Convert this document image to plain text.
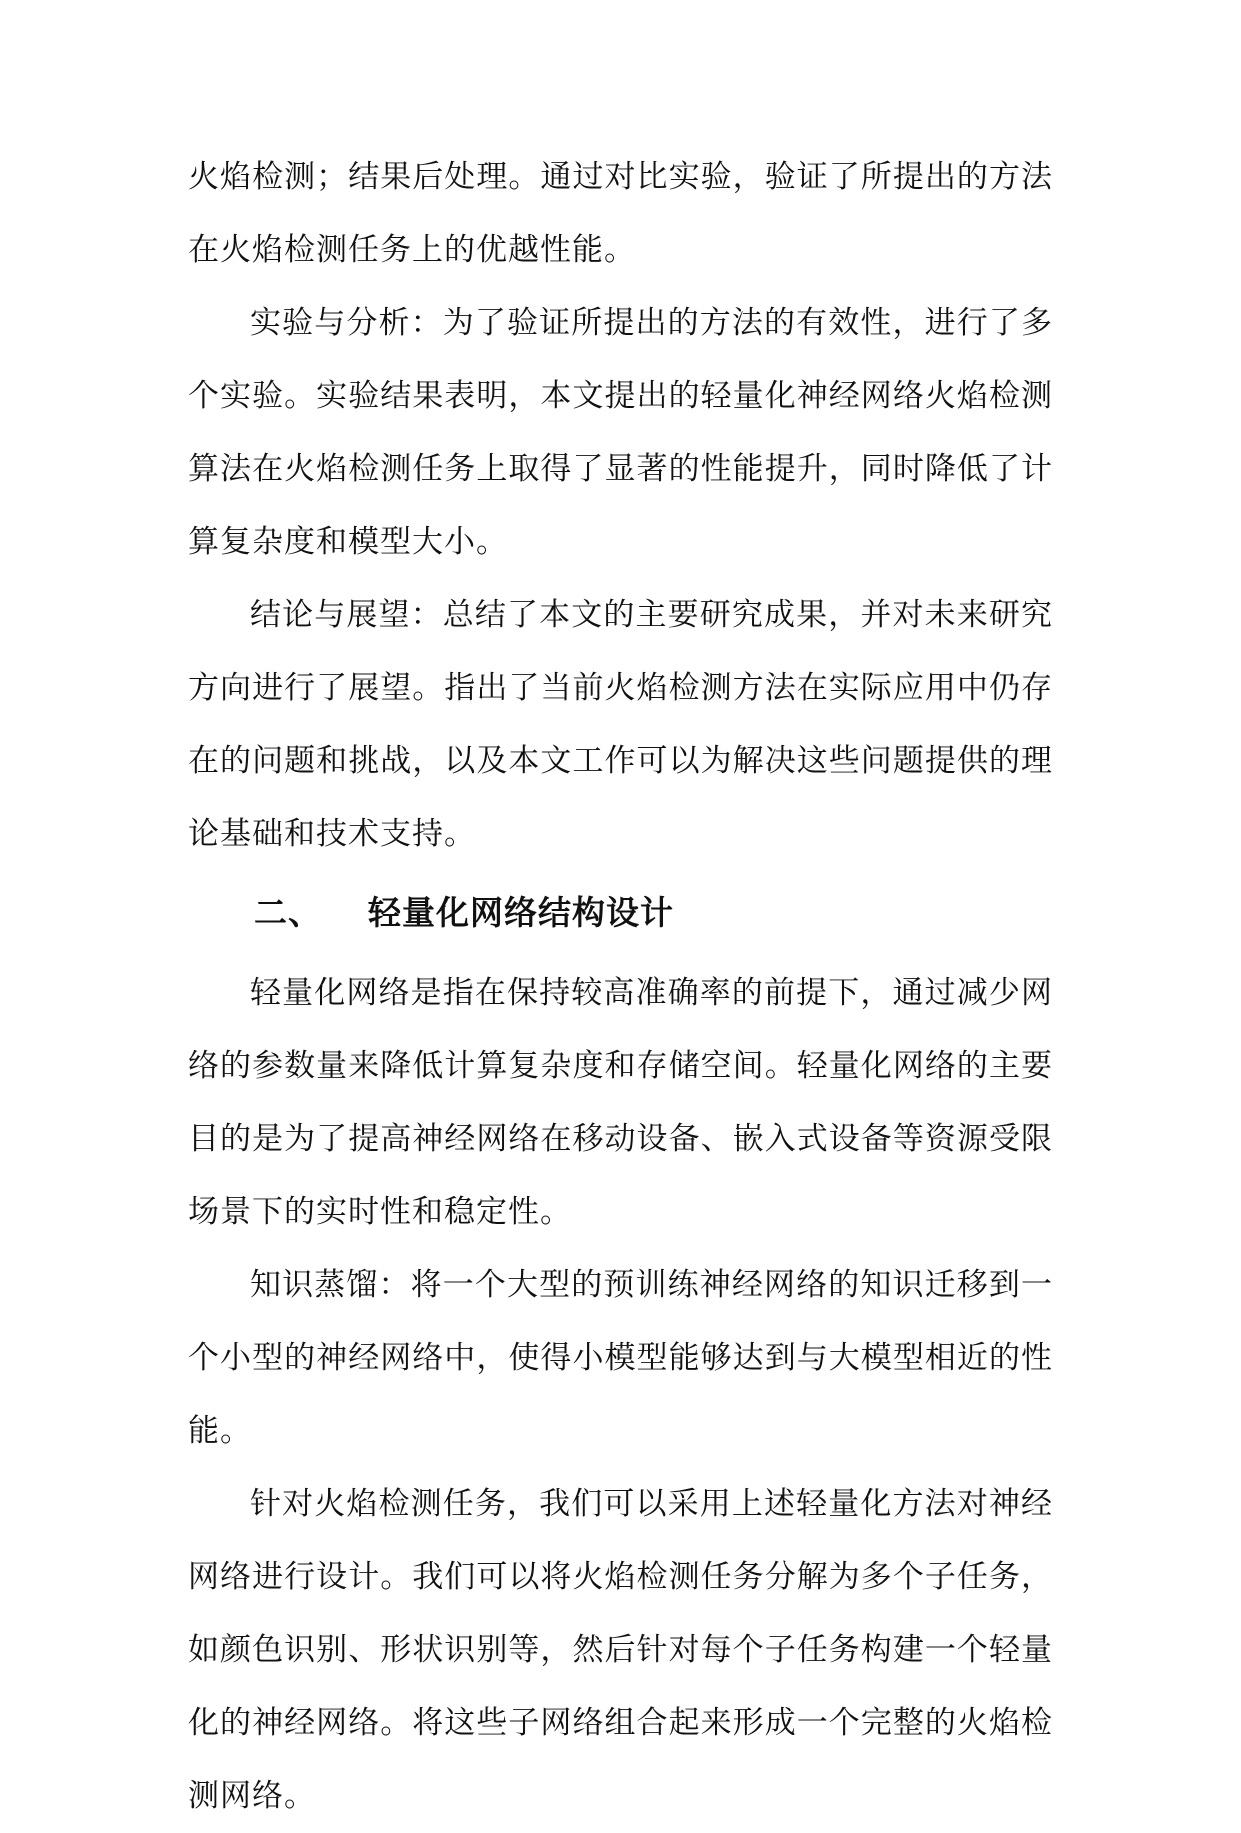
火焰检测；结果后处理。通过对比实验，验证了所提出的方法在火焰检测任务上的优越性能。

实验与分析：为了验证所提出的方法的有效性，进行了多个实验。实验结果表明，本文提出的轻量化神经网络火焰检测算法在火焰检测任务上取得了显著的性能提升，同时降低了计算复杂度和模型大小。

结论与展望：总结了本文的主要研究成果，并对未来研究方向进行了展望。指出了当前火焰检测方法在实际应用中仍存在的问题和挑战，以及本文工作可以为解决这些问题提供的理论基础和技术支持。

二、 轻量化网络结构设计

轻量化网络是指在保持较高准确率的前提下，通过减少网络的参数量来降低计算复杂度和存储空间。轻量化网络的主要目的是为了提高神经网络在移动设备、嵌入式设备等资源受限场景下的实时性和稳定性。

知识蒸馏：将一个大型的预训练神经网络的知识迁移到一个小型的神经网络中，使得小模型能够达到与大模型相近的性能。

针对火焰检测任务，我们可以采用上述轻量化方法对神经网络进行设计。我们可以将火焰检测任务分解为多个子任务，如颜色识别、形状识别等，然后针对每个子任务构建一个轻量化的神经网络。将这些子网络组合起来形成一个完整的火焰检测网络。
